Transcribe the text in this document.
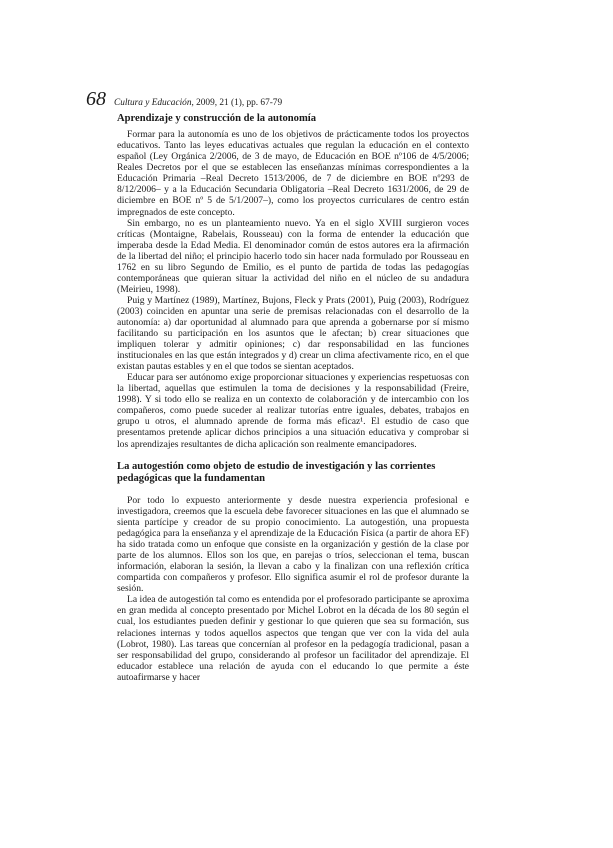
68 Cultura y Educación, 2009, 21 (1), pp. 67-79
Aprendizaje y construcción de la autonomía

Formar para la autonomía es uno de los objetivos de prácticamente todos los proyectos educativos. Tanto las leyes educativas actuales que regulan la educación en el contexto español (Ley Orgánica 2/2006, de 3 de mayo, de Educación en BOE nº106 de 4/5/2006; Reales Decretos por el que se establecen las enseñanzas mínimas correspondientes a la Educación Primaria –Real Decreto 1513/2006, de 7 de diciembre en BOE nº293 de 8/12/2006– y a la Educación Secundaria Obligatoria –Real Decreto 1631/2006, de 29 de diciembre en BOE nº 5 de 5/1/2007–), como los proyectos curriculares de centro están impregnados de este concepto.

Sin embargo, no es un planteamiento nuevo. Ya en el siglo XVIII surgieron voces críticas (Montaigne, Rabelais, Rousseau) con la forma de entender la educación que imperaba desde la Edad Media. El denominador común de estos autores era la afirmación de la libertad del niño; el principio hacerlo todo sin hacer nada formulado por Rousseau en 1762 en su libro Segundo de Emilio, es el punto de partida de todas las pedagogías contemporáneas que quieran situar la actividad del niño en el núcleo de su andadura (Meirieu, 1998).

Puig y Martínez (1989), Martínez, Bujons, Fleck y Prats (2001), Puig (2003), Rodríguez (2003) coinciden en apuntar una serie de premisas relacionadas con el desarrollo de la autonomía: a) dar oportunidad al alumnado para que aprenda a gobernarse por sí mismo facilitando su participación en los asuntos que le afectan; b) crear situaciones que impliquen tolerar y admitir opiniones; c) dar responsabilidad en las funciones institucionales en las que están integrados y d) crear un clima afectivamente rico, en el que existan pautas estables y en el que todos se sientan aceptados.

Educar para ser autónomo exige proporcionar situaciones y experiencias respetuosas con la libertad, aquellas que estimulen la toma de decisiones y la responsabilidad (Freire, 1998). Y si todo ello se realiza en un contexto de colaboración y de intercambio con los compañeros, como puede suceder al realizar tutorías entre iguales, debates, trabajos en grupo u otros, el alumnado aprende de forma más eficaz¹. El estudio de caso que presentamos pretende aplicar dichos principios a una situación educativa y comprobar si los aprendizajes resultantes de dicha aplicación son realmente emancipadores.

La autogestión como objeto de estudio de investigación y las corrientes pedagógicas que la fundamentan

Por todo lo expuesto anteriormente y desde nuestra experiencia profesional e investigadora, creemos que la escuela debe favorecer situaciones en las que el alumnado se sienta partícipe y creador de su propio conocimiento. La autogestión, una propuesta pedagógica para la enseñanza y el aprendizaje de la Educación Física (a partir de ahora EF) ha sido tratada como un enfoque que consiste en la organización y gestión de la clase por parte de los alumnos. Ellos son los que, en parejas o tríos, seleccionan el tema, buscan información, elaboran la sesión, la llevan a cabo y la finalizan con una reflexión crítica compartida con compañeros y profesor. Ello significa asumir el rol de profesor durante la sesión.

La idea de autogestión tal como es entendida por el profesorado participante se aproxima en gran medida al concepto presentado por Michel Lobrot en la década de los 80 según el cual, los estudiantes pueden definir y gestionar lo que quieren que sea su formación, sus relaciones internas y todos aquellos aspectos que tengan que ver con la vida del aula (Lobrot, 1980). Las tareas que concernían al profesor en la pedagogía tradicional, pasan a ser responsabilidad del grupo, considerando al profesor un facilitador del aprendizaje. El educador establece una relación de ayuda con el educando lo que permite a éste autoafirmarse y hacer
